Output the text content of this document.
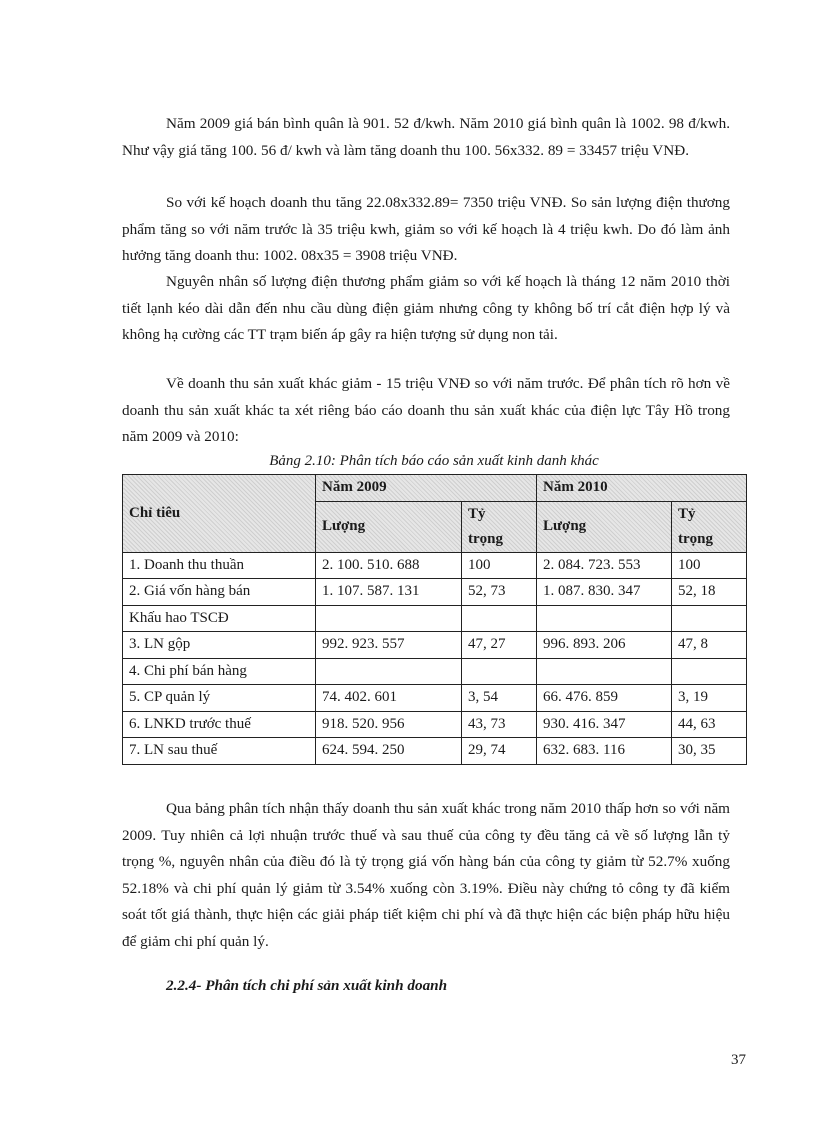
Năm 2009 giá bán bình quân là 901. 52 đ/kwh. Năm 2010 giá bình quân là 1002. 98 đ/kwh. Như vậy giá tăng 100. 56 đ/ kwh và làm tăng doanh thu 100. 56x332. 89 = 33457 triệu VNĐ.

So với kế hoạch doanh thu tăng 22.08x332.89= 7350 triệu VNĐ. So sản lượng điện thương phẩm tăng so với năm trước là 35 triệu kwh, giảm so với kế hoạch là 4 triệu kwh. Do đó làm ảnh hưởng tăng doanh thu: 1002. 08x35 = 3908 triệu VNĐ.

Nguyên nhân số lượng điện thương phẩm giảm so với kế hoạch là tháng 12 năm 2010 thời tiết lạnh kéo dài dẫn đến nhu cầu dùng điện giảm nhưng công ty không bố trí cắt điện hợp lý và không hạ cường các TT trạm biến áp gây ra hiện tượng sử dụng non tải.

Về doanh thu sản xuất khác giảm - 15 triệu VNĐ so với năm trước. Để phân tích rõ hơn về doanh thu sản xuất khác ta xét riêng báo cáo doanh thu sản xuất khác của điện lực Tây Hồ trong năm 2009 và 2010:

Bảng 2.10: Phân tích báo cáo sản xuất kinh danh khác

Chỉ tiêu	Năm 2009		Năm 2010	
	Lượng	Tỷ
trọng	Lượng	Tỷ
trọng
1. Doanh thu thuần	2. 100. 510. 688	100	2. 084. 723. 553	100
2. Giá vốn hàng bán	1. 107. 587. 131	52, 73	1. 087. 830. 347	52, 18
Khấu hao TSCĐ				
3. LN gộp	992. 923. 557	47, 27	996. 893. 206	47, 8
4. Chi phí bán hàng				
5. CP quản lý	74. 402. 601	3, 54	66. 476. 859	3, 19
6. LNKD trước thuế	918. 520. 956	43, 73	930. 416. 347	44, 63
7. LN sau thuế	624. 594. 250	29, 74	632. 683. 116	30, 35

Qua bảng phân tích nhận thấy doanh thu sản xuất khác trong năm 2010 thấp hơn so với năm 2009. Tuy nhiên cả lợi nhuận trước thuế và sau thuế của công ty đều tăng cả về số lượng lẫn tỷ trọng %, nguyên nhân của điều đó là tỷ trọng giá vốn hàng bán của công ty giảm từ 52.7% xuống 52.18% và chi phí quản lý giảm từ 3.54% xuống còn 3.19%. Điều này chứng tỏ công ty đã kiểm soát tốt giá thành, thực hiện các giải pháp tiết kiệm chi phí và đã thực hiện các biện pháp hữu hiệu để giảm chi phí quản lý.

2.2.4- Phân tích chi phí sản xuất kinh doanh

37
